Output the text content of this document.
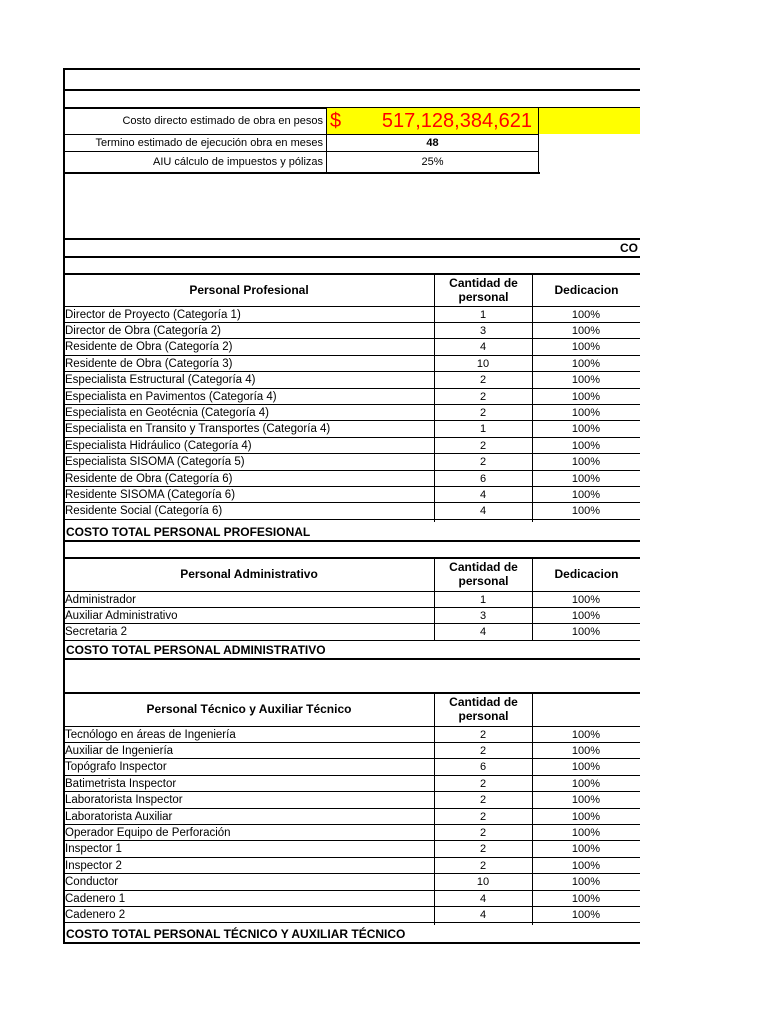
Costo directo estimado de obra en pesos $	517,128,384,621
Termino estimado de ejecución obra en meses	48
AIU cálculo de impuestos y pólizas	25%
CO
Personal Profesional	Cantidad de personal	Dedicacion
Director de Proyecto (Categoría 1)	1	100%
Director de Obra (Categoría 2)	3	100%
Residente de Obra (Categoría 2)	4	100%
Residente de Obra (Categoría 3)	10	100%
Especialista Estructural (Categoría 4)	2	100%
Especialista en Pavimentos (Categoría 4)	2	100%
Especialista en Geotécnia (Categoría 4)	2	100%
Especialista en Transito y Transportes (Categoría 4)	1	100%
Especialista Hidráulico (Categoría 4)	2	100%
Especialista SISOMA (Categoría 5)	2	100%
Residente de Obra (Categoría 6)	6	100%
Residente SISOMA (Categoría 6)	4	100%
Residente Social (Categoría 6)	4	100%
COSTO TOTAL PERSONAL PROFESIONAL
Personal Administrativo	Cantidad de personal	Dedicacion
Administrador	1	100%
Auxiliar Administrativo	3	100%
Secretaria 2	4	100%
COSTO TOTAL PERSONAL ADMINISTRATIVO
Personal Técnico y Auxiliar Técnico	Cantidad de personal
Tecnólogo en áreas de Ingeniería	2	100%
Auxiliar de Ingeniería	2	100%
Topógrafo Inspector	6	100%
Batimetrista Inspector	2	100%
Laboratorista Inspector	2	100%
Laboratorista Auxiliar	2	100%
Operador Equipo de Perforación	2	100%
Inspector 1	2	100%
Inspector 2	2	100%
Conductor	10	100%
Cadenero 1	4	100%
Cadenero 2	4	100%
COSTO TOTAL PERSONAL TÉCNICO Y AUXILIAR TÉCNICO
